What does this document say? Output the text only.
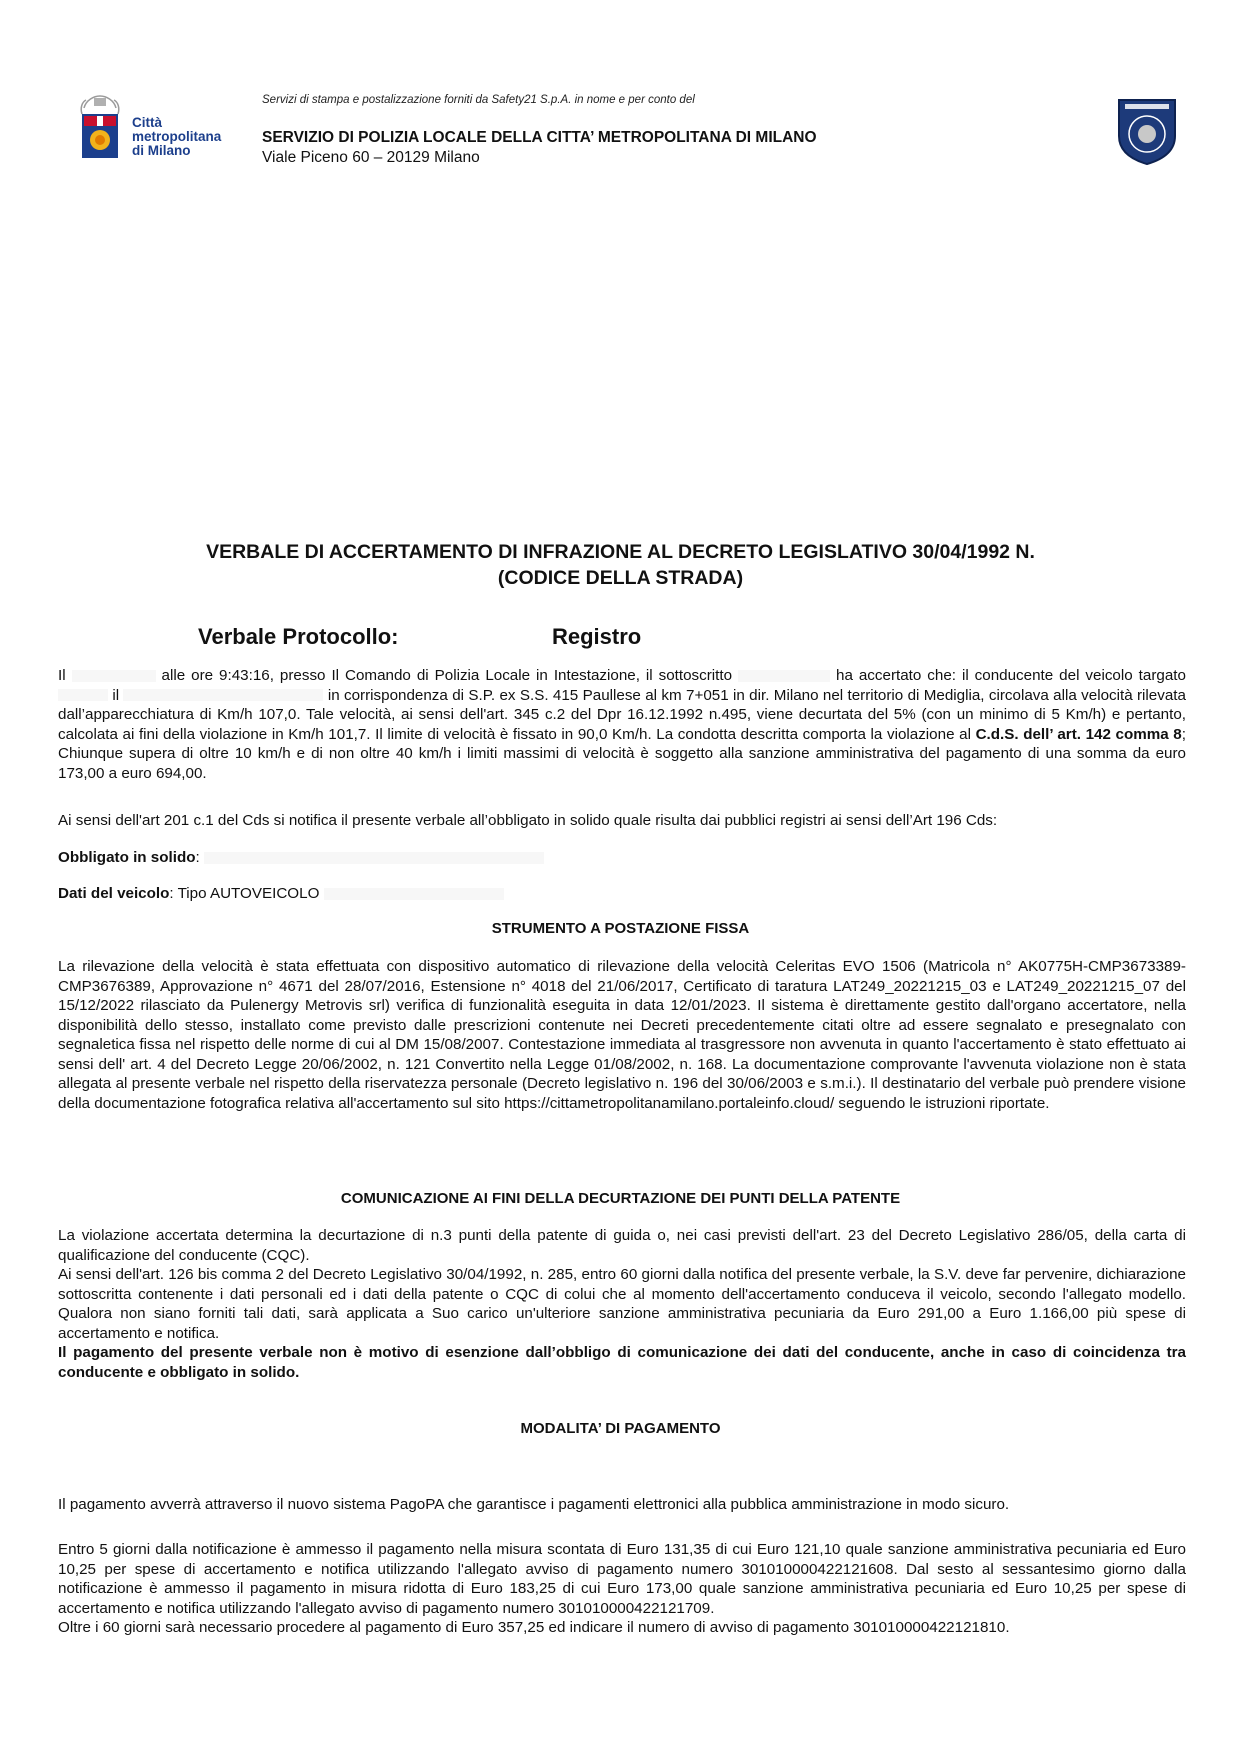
Città
metropolitana
di Milano
Servizi di stampa e postalizzazione forniti da Safety21 S.p.A. in nome e per conto del
SERVIZIO DI POLIZIA LOCALE DELLA CITTA’ METROPOLITANA DI MILANO
Viale Piceno 60 – 20129 Milano
VERBALE DI ACCERTAMENTO DI INFRAZIONE AL DECRETO LEGISLATIVO 30/04/1992 N.
(CODICE DELLA STRADA)
Verbale Protocollo:	Registro
Il	alle ore 9:43:16, presso Il Comando di Polizia Locale in Intestazione, il sottoscritto	ha accertato che: il conducente del veicolo targato  il	in corrispondenza di S.P. ex S.S. 415 Paullese al km 7+051 in dir. Milano nel territorio di Mediglia, circolava alla velocità rilevata dall’apparecchiatura di Km/h 107,0. Tale velocità, ai sensi dell'art. 345 c.2 del Dpr 16.12.1992 n.495, viene decurtata del 5% (con un minimo di 5 Km/h) e pertanto, calcolata ai fini della violazione in Km/h 101,7. Il limite di velocità è fissato in 90,0 Km/h. La condotta descritta comporta la violazione al C.d.S. dell’ art. 142 comma 8; Chiunque supera di oltre 10 km/h e di non oltre 40 km/h i limiti massimi di velocità è soggetto alla sanzione amministrativa del pagamento di una somma da euro 173,00 a euro 694,00.
Ai sensi dell'art 201 c.1 del Cds si notifica il presente verbale all’obbligato in solido quale risulta dai pubblici registri ai sensi dell’Art 196 Cds:
Obbligato in solido:
Dati del veicolo: Tipo AUTOVEICOLO
STRUMENTO A POSTAZIONE FISSA
La rilevazione della velocità è stata effettuata con dispositivo automatico di rilevazione della velocità Celeritas EVO 1506 (Matricola n° AK0775H-CMP3673389-CMP3676389, Approvazione n° 4671 del 28/07/2016, Estensione n° 4018 del 21/06/2017, Certificato di taratura LAT249_20221215_03 e LAT249_20221215_07 del 15/12/2022 rilasciato da Pulenergy Metrovis srl) verifica di funzionalità eseguita in data 12/01/2023. Il sistema è direttamente gestito dall'organo accertatore, nella disponibilità dello stesso, installato come previsto dalle prescrizioni contenute nei Decreti precedentemente citati oltre ad essere segnalato e presegnalato con segnaletica fissa nel rispetto delle norme di cui al DM 15/08/2007. Contestazione immediata al trasgressore non avvenuta in quanto l'accertamento è stato effettuato ai sensi dell' art. 4 del Decreto Legge 20/06/2002, n. 121 Convertito nella Legge 01/08/2002, n. 168. La documentazione comprovante l'avvenuta violazione non è stata allegata al presente verbale nel rispetto della riservatezza personale (Decreto legislativo n. 196 del 30/06/2003 e s.m.i.). Il destinatario del verbale può prendere visione della documentazione fotografica relativa all'accertamento sul sito https://cittametropolitanamilano.portaleinfo.cloud/ seguendo le istruzioni riportate.
COMUNICAZIONE AI FINI DELLA DECURTAZIONE DEI PUNTI DELLA PATENTE
La violazione accertata determina la decurtazione di n.3 punti della patente di guida o, nei casi previsti dell'art. 23 del Decreto Legislativo 286/05, della carta di qualificazione del conducente (CQC).
Ai sensi dell'art. 126 bis comma 2 del Decreto Legislativo 30/04/1992, n. 285, entro 60 giorni dalla notifica del presente verbale, la S.V. deve far pervenire, dichiarazione sottoscritta contenente i dati personali ed i dati della patente o CQC di colui che al momento dell'accertamento conduceva il veicolo, secondo l'allegato modello. Qualora non siano forniti tali dati, sarà applicata a Suo carico un'ulteriore sanzione amministrativa pecuniaria da Euro 291,00 a Euro 1.166,00 più spese di accertamento e notifica.
Il pagamento del presente verbale non è motivo di esenzione dall’obbligo di comunicazione dei dati del conducente, anche in caso di coincidenza tra conducente e obbligato in solido.
MODALITA’ DI PAGAMENTO
Il pagamento avverrà attraverso il nuovo sistema PagoPA che garantisce i pagamenti elettronici alla pubblica amministrazione in modo sicuro.
Entro 5 giorni dalla notificazione è ammesso il pagamento nella misura scontata di Euro 131,35 di cui Euro 121,10 quale sanzione amministrativa pecuniaria ed Euro 10,25 per spese di accertamento e notifica utilizzando l'allegato avviso di pagamento numero 301010000422121608. Dal sesto al sessantesimo giorno dalla notificazione è ammesso il pagamento in misura ridotta di Euro 183,25 di cui Euro 173,00 quale sanzione amministrativa pecuniaria ed Euro 10,25 per spese di accertamento e notifica utilizzando l'allegato avviso di pagamento numero 301010000422121709.
Oltre i 60 giorni sarà necessario procedere al pagamento di Euro 357,25 ed indicare il numero di avviso di pagamento 301010000422121810.
